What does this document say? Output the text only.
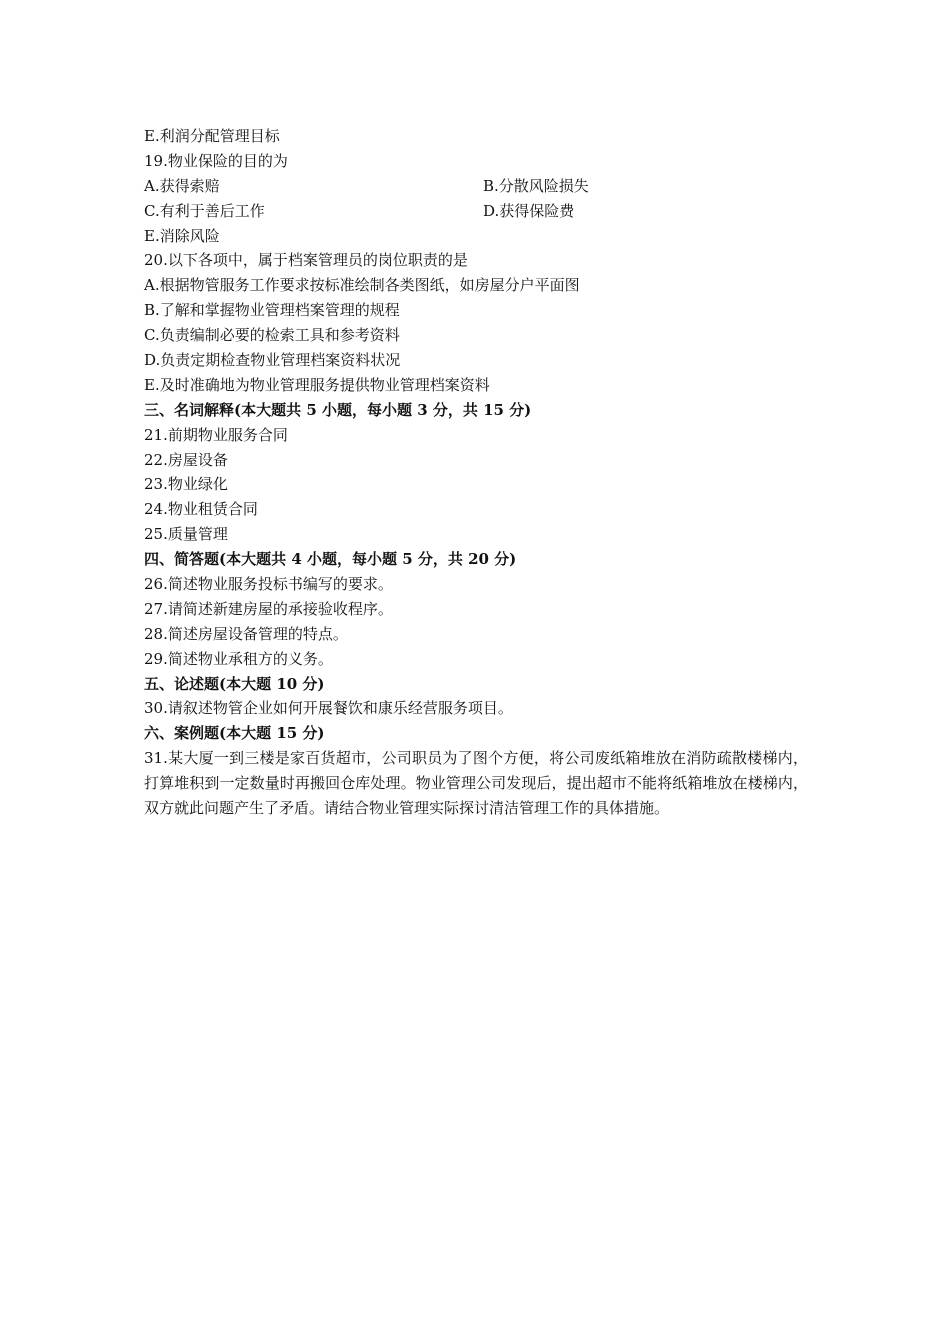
E.利润分配管理目标
19.物业保险的目的为
A.获得索赔	B.分散风险损失
C.有利于善后工作	D.获得保险费
E.消除风险
20.以下各项中，属于档案管理员的岗位职责的是
A.根据物管服务工作要求按标准绘制各类图纸，如房屋分户平面图
B.了解和掌握物业管理档案管理的规程
C.负责编制必要的检索工具和参考资料
D.负责定期检查物业管理档案资料状况
E.及时准确地为物业管理服务提供物业管理档案资料
三、名词解释(本大题共 5 小题，每小题 3 分，共 15 分)
21.前期物业服务合同
22.房屋设备
23.物业绿化
24.物业租赁合同
25.质量管理
四、简答题(本大题共 4 小题，每小题 5 分，共 20 分)
26.简述物业服务投标书编写的要求。
27.请简述新建房屋的承接验收程序。
28.简述房屋设备管理的特点。
29.简述物业承租方的义务。
五、论述题(本大题 10 分)
30.请叙述物管企业如何开展餐饮和康乐经营服务项目。
六、案例题(本大题 15 分)

31.某大厦一到三楼是家百货超市，公司职员为了图个方便，将公司废纸箱堆放在消防疏散楼梯内，打算堆积到一定数量时再搬回仓库处理。物业管理公司发现后，提出超市不能将纸箱堆放在楼梯内，双方就此问题产生了矛盾。请结合物业管理实际探讨清洁管理工作的具体措施。
